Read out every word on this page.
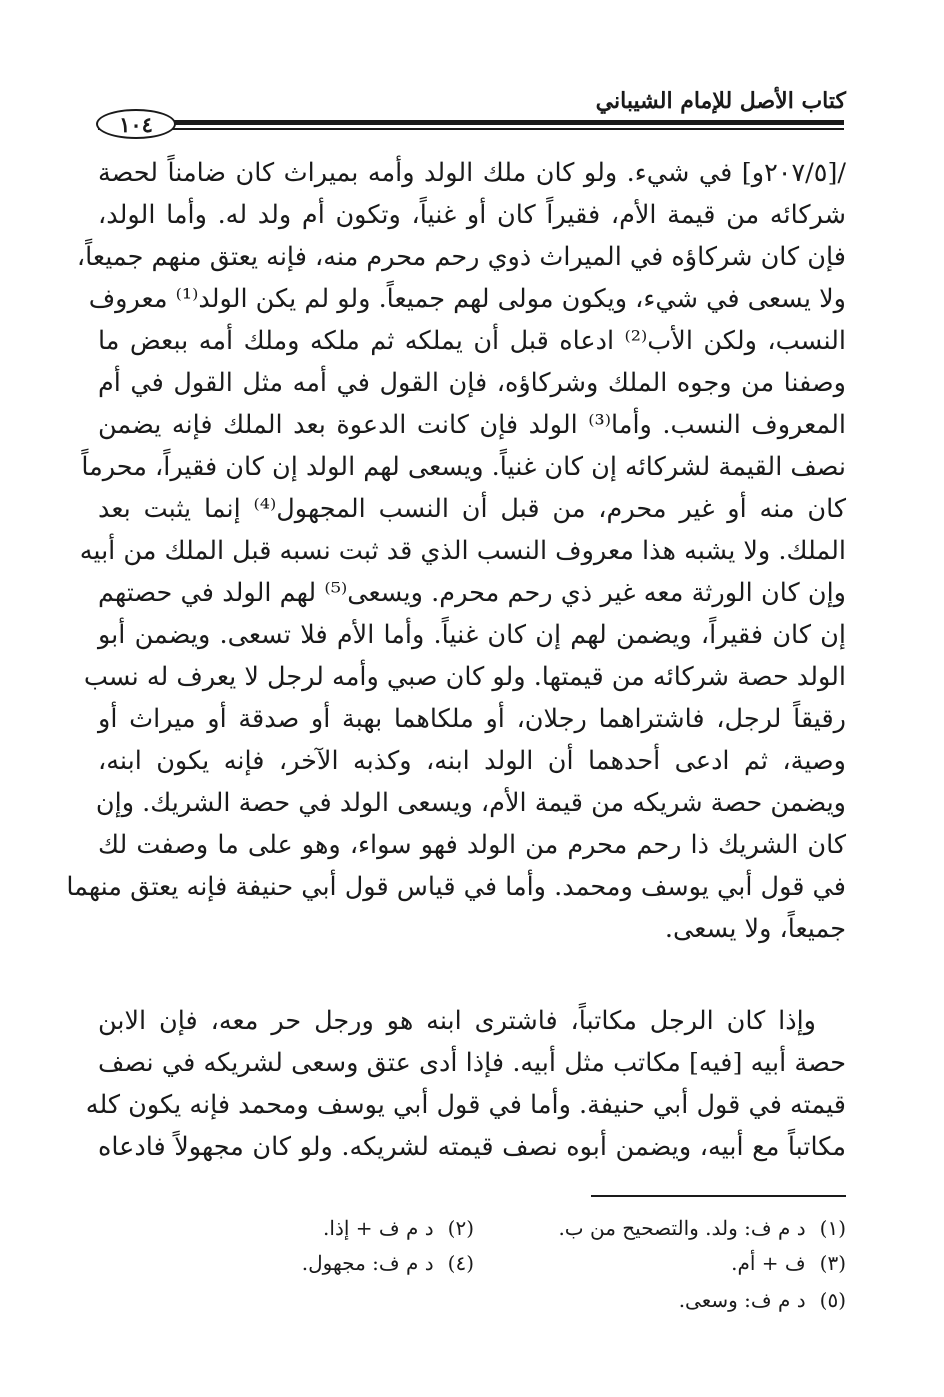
كتاب الأصل للإمام الشيباني
١٠٤
/[٢٠٧/٥و] في شيء. ولو كان ملك الولد وأمه بميراث كان ضامناً لحصة
شركائه من قيمة الأم، فقيراً كان أو غنياً، وتكون أم ولد له. وأما الولد،
فإن كان شركاؤه في الميراث ذوي رحم محرم منه، فإنه يعتق منهم جميعاً،
ولا يسعى في شيء، ويكون مولى لهم جميعاً. ولو لم يكن الولد⁽¹⁾ معروف
النسب، ولكن الأب⁽²⁾ ادعاه قبل أن يملكه ثم ملكه وملك أمه ببعض ما
وصفنا من وجوه الملك وشركاؤه، فإن القول في أمه مثل القول في أم
المعروف النسب. وأما⁽³⁾ الولد فإن كانت الدعوة بعد الملك فإنه يضمن
نصف القيمة لشركائه إن كان غنياً. ويسعى لهم الولد إن كان فقيراً، محرماً
كان منه أو غير محرم، من قبل أن النسب المجهول⁽⁴⁾ إنما يثبت بعد
الملك. ولا يشبه هذا معروف النسب الذي قد ثبت نسبه قبل الملك من أبيه
وإن كان الورثة معه غير ذي رحم محرم. ويسعى⁽⁵⁾ لهم الولد في حصتهم
إن كان فقيراً، ويضمن لهم إن كان غنياً. وأما الأم فلا تسعى. ويضمن أبو
الولد حصة شركائه من قيمتها. ولو كان صبي وأمه لرجل لا يعرف له نسب
رقيقاً لرجل، فاشتراهما رجلان، أو ملكاهما بهبة أو صدقة أو ميراث أو
وصية، ثم ادعى أحدهما أن الولد ابنه، وكذبه الآخر، فإنه يكون ابنه،
ويضمن حصة شريكه من قيمة الأم، ويسعى الولد في حصة الشريك. وإن
كان الشريك ذا رحم محرم من الولد فهو سواء، وهو على ما وصفت لك
في قول أبي يوسف ومحمد. وأما في قياس قول أبي حنيفة فإنه يعتق منهما
جميعاً، ولا يسعى.
وإذا كان الرجل مكاتباً، فاشترى ابنه هو ورجل حر معه، فإن الابن
حصة أبيه [فيه] مكاتب مثل أبيه. فإذا أدى عتق وسعى لشريكه في نصف
قيمته في قول أبي حنيفة. وأما في قول أبي يوسف ومحمد فإنه يكون كله
مكاتباً مع أبيه، ويضمن أبوه نصف قيمته لشريكه. ولو كان مجهولاً فادعاه
(١)د م ف: ولد. والتصحيح من ب.
(٢)د م ف + إذا.
(٣)ف + أم.
(٤)د م ف: مجهول.
(٥)د م ف: وسعى.
